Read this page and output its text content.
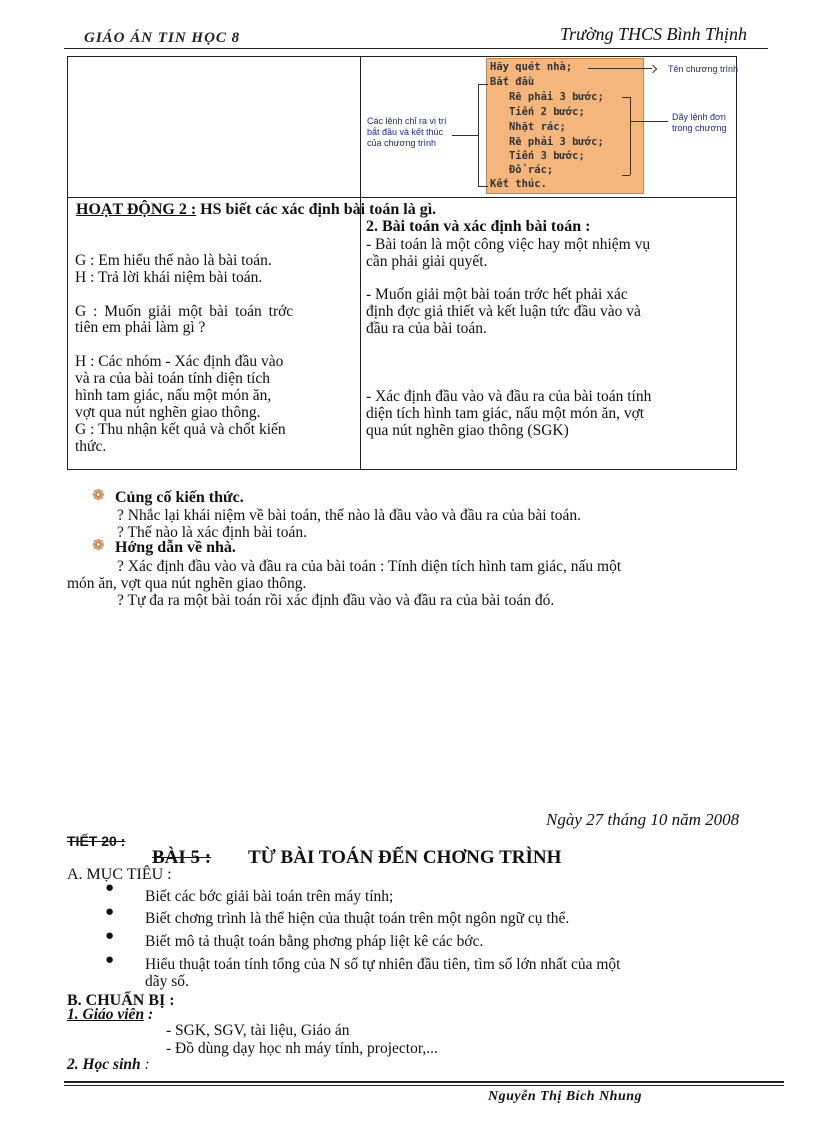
GIÁO ÁN TIN HỌC 8	Trường THCS Bình Thịnh
Hãy quét nhà;
Bắt đầu
Rẽ phải 3 bước;
Tiến 2 bước;
Nhặt rác;
Rẽ phải 3 bước;
Tiến 3 bước;
Đổ rác;
Kết thúc.
Tên chương trình
Các lệnh chỉ ra vị trí
bắt đầu và kết thúc
của chương trình
Dãy lệnh đơn
trong chương
HOẠT ĐỘNG 2 : HS biết các xác định bài toán là gì.
G : Em hiểu thế nào là bài toán.
H : Trả lời khái niệm bài toán.
G : Muốn giải một bài toán trớc
tiên em phải làm gì ?
H : Các nhóm - Xác định đầu vào
và ra của bài toán tính diện tích
hình tam giác, nấu một món ăn,
vợt qua nút nghẽn giao thông.
G : Thu nhận kết quả và chốt kiến
thức.
2. Bài toán và xác định bài toán :
- Bài toán là một công việc hay một nhiệm vụ
cần phải giải quyết.
- Muốn giải một bài toán trớc hết phải xác
định đợc giả thiết và kết luận tức đầu vào và
đầu ra của bài toán.
- Xác định đầu vào và đầu ra của bài toán tính
diện tích hình tam giác, nấu một món ăn, vợt
qua nút nghẽn giao thông (SGK)
❁ Củng cố kiến thức.
? Nhắc lại khái niệm về bài toán, thế nào là đầu vào và đầu ra của bài toán.
? Thế nào là xác định bài toán.
❁ Hớng dẫn về nhà.
? Xác định đầu vào và đầu ra của bài toán : Tính diện tích hình tam giác, nấu một
món ăn, vợt qua nút nghẽn giao thông.
? Tự đa ra một bài toán rồi xác định đầu vào và đầu ra của bài toán đó.
Ngày 27 tháng 10 năm 2008
TIẾT 20 :
BÀI 5 : TỪ BÀI TOÁN ĐẾN CHƠNG TRÌNH
A. MỤC TIÊU :
● Biết các bớc giải bài toán trên máy tính;
● Biết chơng trình là thể hiện của thuật toán trên một ngôn ngữ cụ thể.
● Biết mô tả thuật toán bằng phơng pháp liệt kê các bớc.
● Hiểu thuật toán tính tổng của N số tự nhiên đầu tiên, tìm số lớn nhất của một
dãy số.
B. CHUẨN BỊ :
1. Giáo viên :
- SGK, SGV, tài liệu, Giáo án
- Đồ dùng dạy học nh máy tính, projector,...
2. Học sinh :
Nguyễn Thị Bích Nhung
